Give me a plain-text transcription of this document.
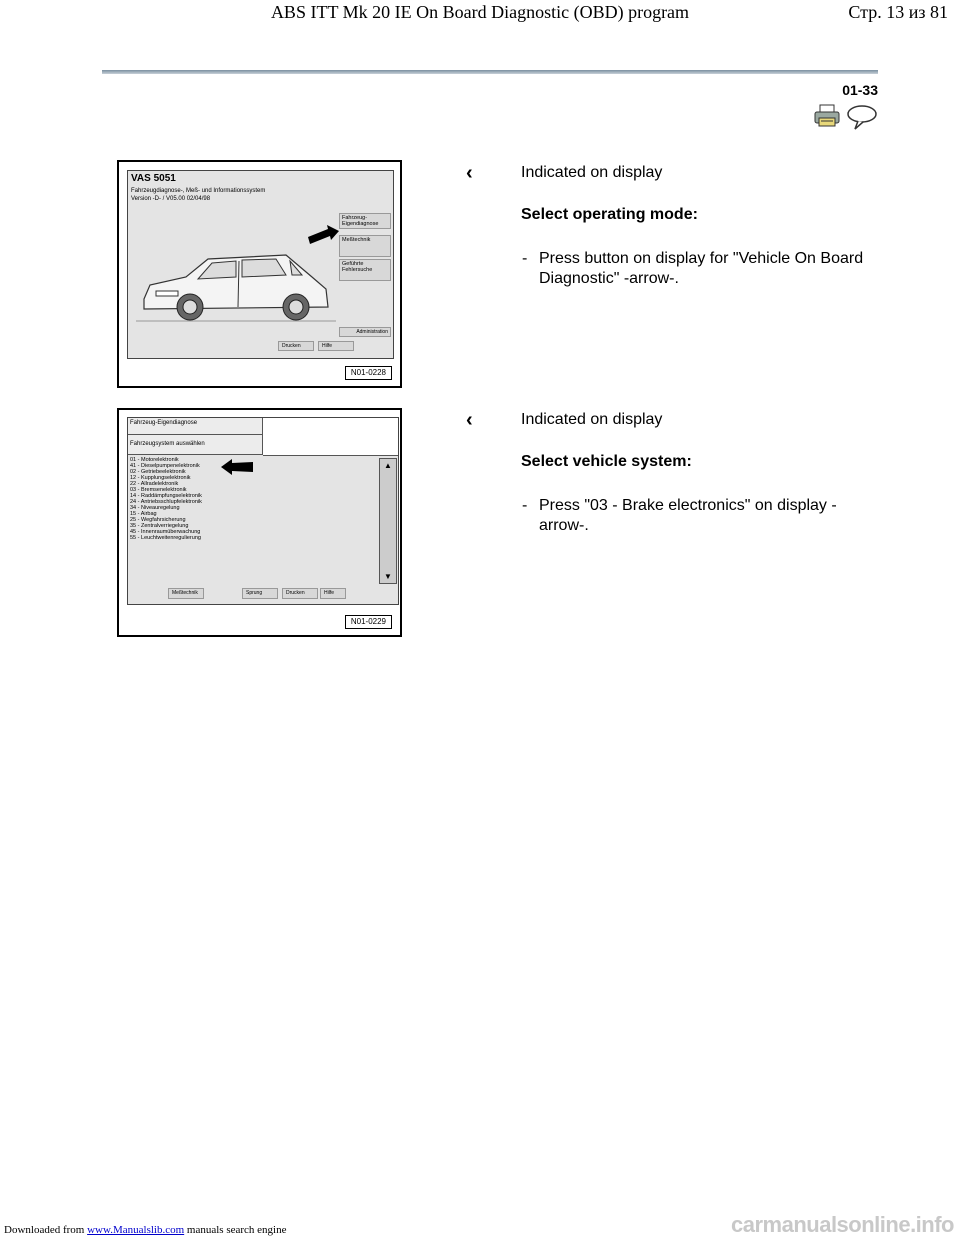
ABS ITT Mk 20 IE On Board Diagnostic (OBD) program	Стр. 13 из 81
01-33
VAS 5051
Fahrzeugdiagnose-, Meß- und Informationssystem
Version -D- / V05.00 02/04/98
Fahrzeug-
Eigendiagnose
Meßtechnik
Geführte
Fehlersuche
Administration
Drucken	Hilfe
N01-0228
‹	Indicated on display
Select operating mode:
- Press button on display for "Vehicle On Board Diagnostic" -arrow-.
Fahrzeug-Eigendiagnose
Fahrzeugsystem auswählen
01 - Motorelektronik
41 - Dieselpumpenelektronik
02 - Getriebeelektronik
12 - Kupplungselektronik
22 - Allradelektronik
03 - Bremsenelektronik
14 - Raddämpfungselektronik
24 - Antriebsschlupfelektronik
34 - Niveauregelung
15 - Airbag
25 - Wegfahrsicherung
35 - Zentralverriegelung
45 - Innenraumüberwachung
55 - Leuchtweitenregulierung
▲
▼
Meßtechnik	Sprung	Drucken	Hilfe
N01-0229
‹	Indicated on display
Select vehicle system:
- Press "03 - Brake electronics" on display -arrow-.
Downloaded from www.Manualslib.com manuals search engine	carmanualsonline.info
